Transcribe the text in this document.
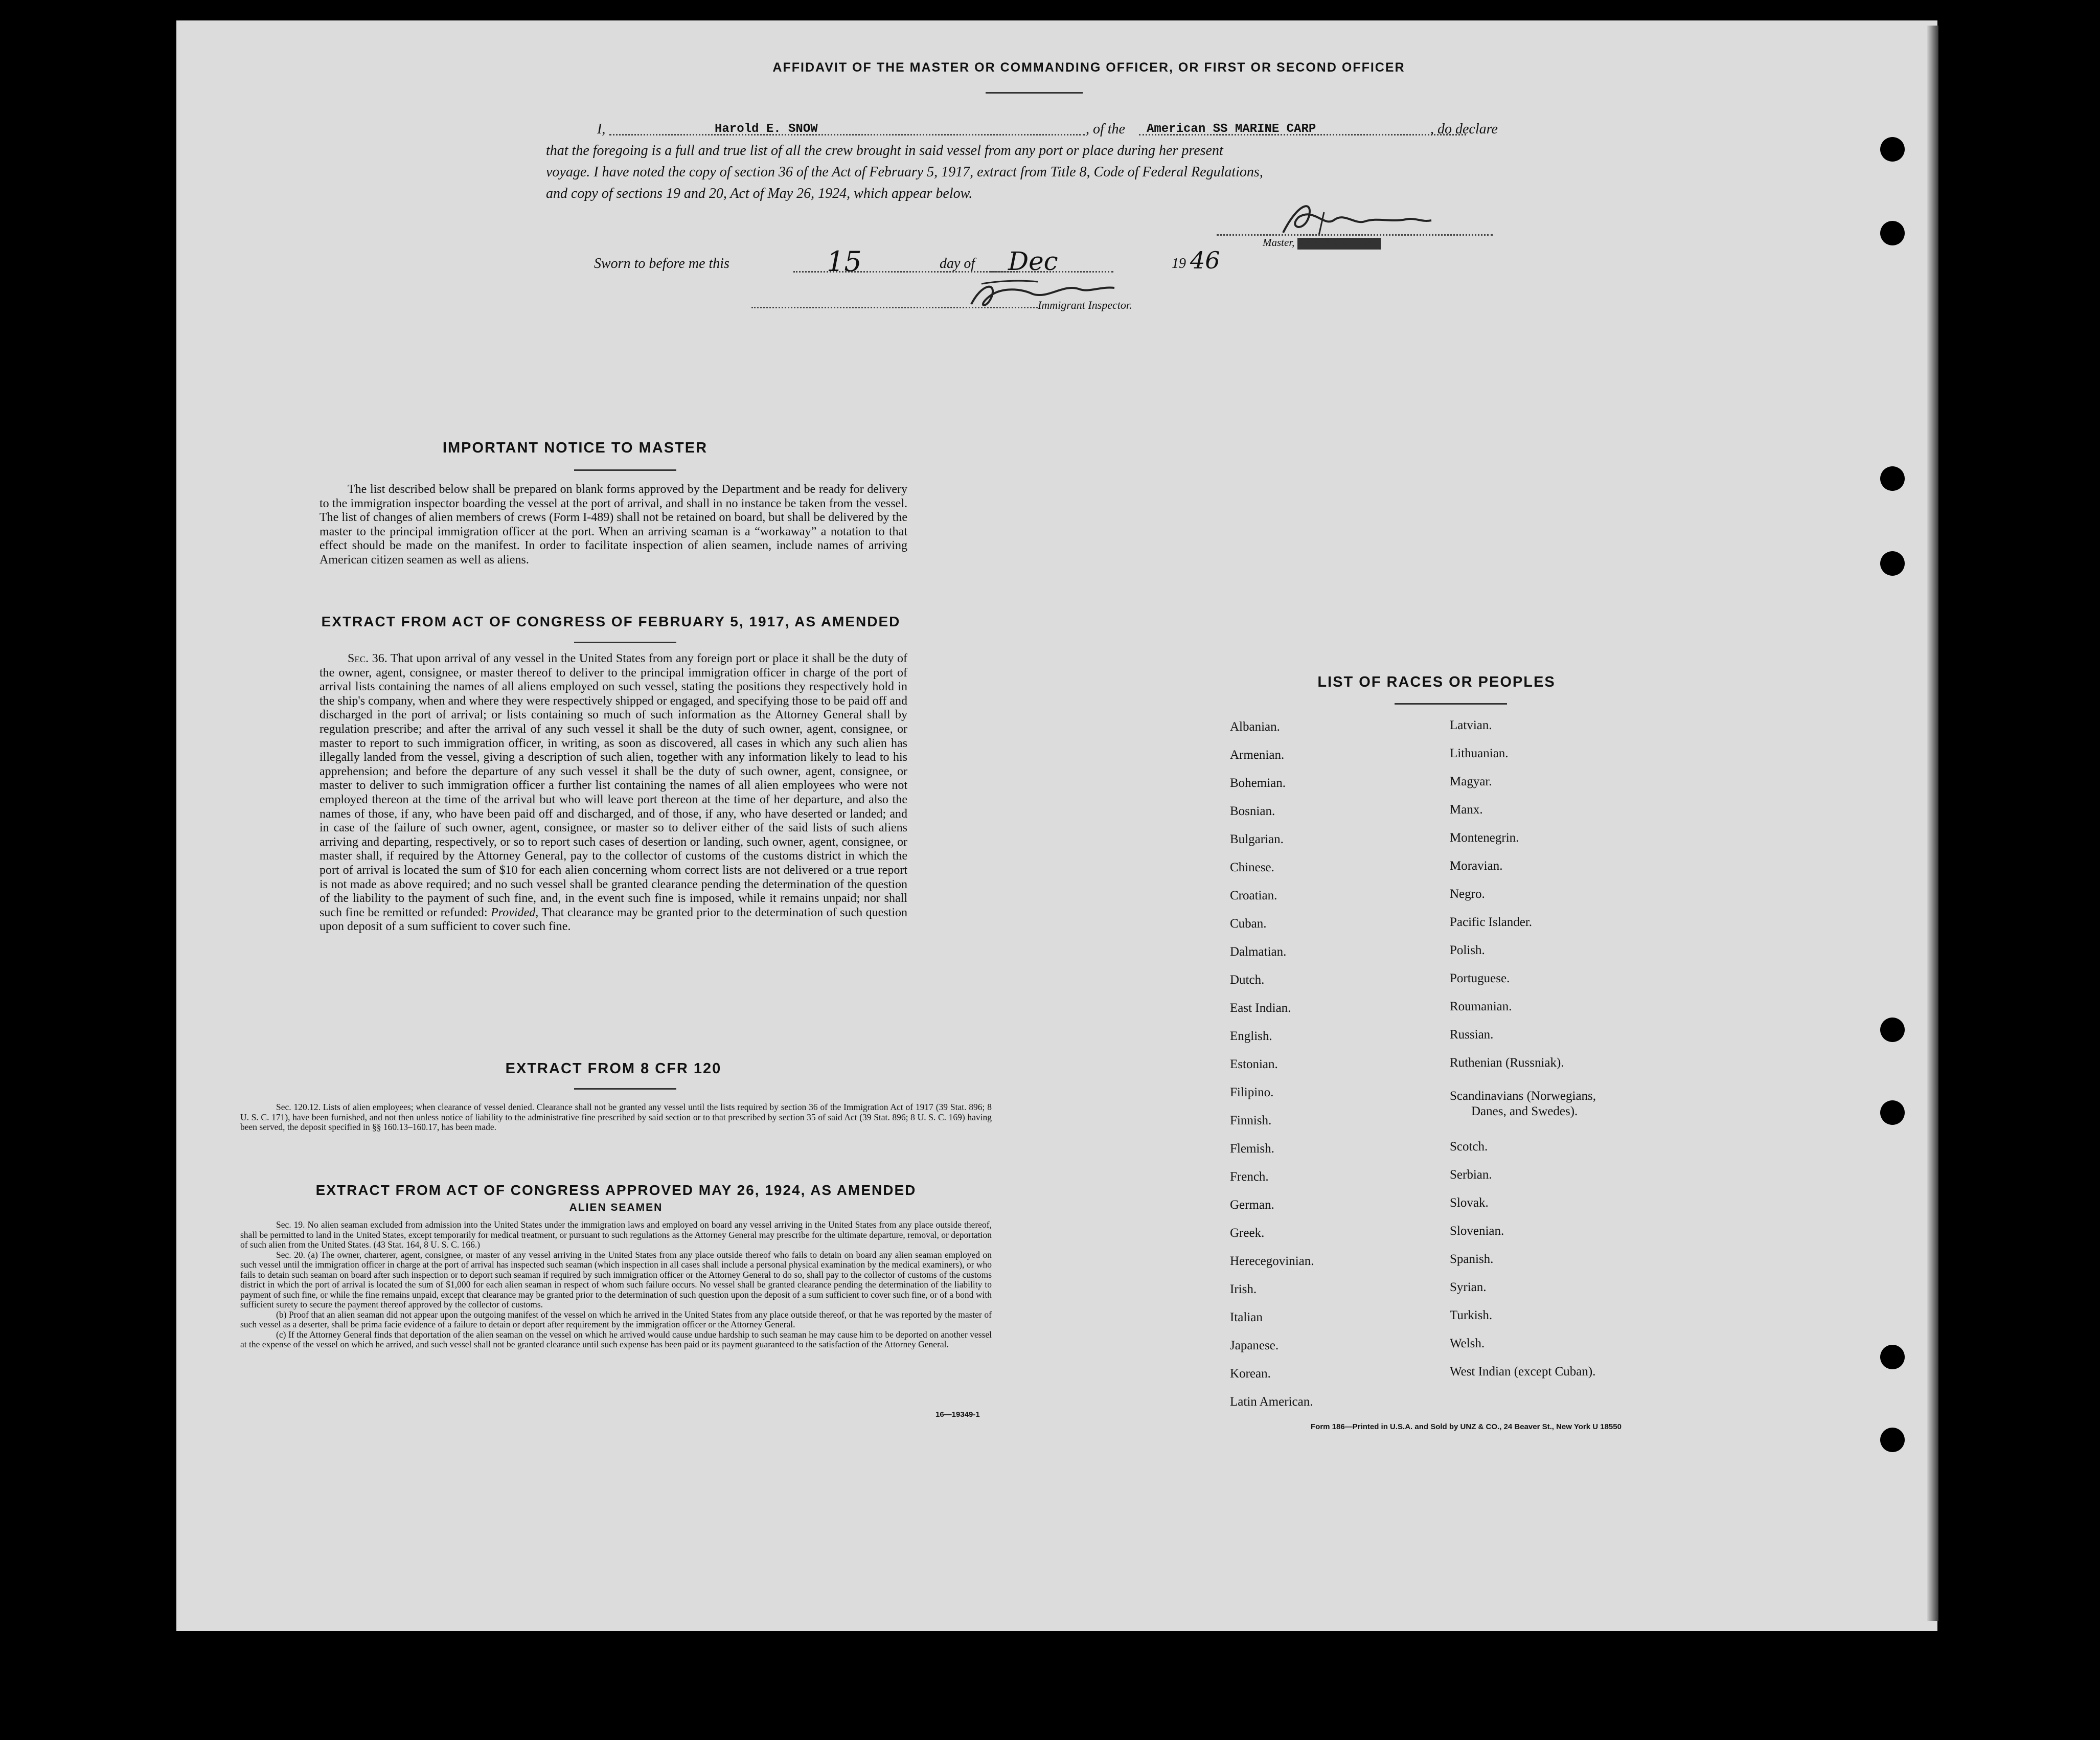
AFFIDAVIT OF THE MASTER OR COMMANDING OFFICER, OR FIRST OR SECOND OFFICER
I,	Harold E. SNOW	, of the American SS MARINE CARP	, do declare
that the foregoing is a full and true list of all the crew brought in said vessel from any port or place during her present
voyage. I have noted the copy of section 36 of the Act of February 5, 1917, extract from Title 8, Code of Federal Regulations,
and copy of sections 19 and 20, Act of May 26, 1924, which appear below.
Master, XXXXXXXXXXXX
Sworn to before me this	15	day of Dec	19 46
Immigrant Inspector.
IMPORTANT NOTICE TO MASTER
The list described below shall be prepared on blank forms approved by the Department and be ready for delivery to the immigration inspector boarding the vessel at the port of arrival, and shall in no instance be taken from the vessel. The list of changes of alien members of crews (Form I-489) shall not be retained on board, but shall be delivered by the master to the principal immigration officer at the port. When an arriving seaman is a “workaway” a notation to that effect should be made on the manifest. In order to facilitate inspection of alien seamen, include names of arriving American citizen seamen as well as aliens.
EXTRACT FROM ACT OF CONGRESS OF FEBRUARY 5, 1917, AS AMENDED
Sec. 36. That upon arrival of any vessel in the United States from any foreign port or place it shall be the duty of the owner, agent, consignee, or master thereof to deliver to the principal immigration officer in charge of the port of arrival lists containing the names of all aliens employed on such vessel, stating the positions they respectively hold in the ship's company, when and where they were respectively shipped or engaged, and specifying those to be paid off and discharged in the port of arrival; or lists containing so much of such information as the Attorney General shall by regulation prescribe; and after the arrival of any such vessel it shall be the duty of such owner, agent, consignee, or master to report to such immigration officer, in writing, as soon as discovered, all cases in which any such alien has illegally landed from the vessel, giving a description of such alien, together with any information likely to lead to his apprehension; and before the departure of any such vessel it shall be the duty of such owner, agent, consignee, or master to deliver to such immigration officer a further list containing the names of all alien employees who were not employed thereon at the time of the arrival but who will leave port thereon at the time of her departure, and also the names of those, if any, who have been paid off and discharged, and of those, if any, who have deserted or landed; and in case of the failure of such owner, agent, consignee, or master so to deliver either of the said lists of such aliens arriving and departing, respectively, or so to report such cases of desertion or landing, such owner, agent, consignee, or master shall, if required by the Attorney General, pay to the collector of customs of the customs district in which the port of arrival is located the sum of $10 for each alien concerning whom correct lists are not delivered or a true report is not made as above required; and no such vessel shall be granted clearance pending the determination of the question of the liability to the payment of such fine, and, in the event such fine is imposed, while it remains unpaid; nor shall such fine be remitted or refunded: Provided, That clearance may be granted prior to the determination of such question upon deposit of a sum sufficient to cover such fine.
EXTRACT FROM 8 CFR 120
Sec. 120.12. Lists of alien employees; when clearance of vessel denied. Clearance shall not be granted any vessel until the lists required by section 36 of the Immigration Act of 1917 (39 Stat. 896; 8 U. S. C. 171), have been furnished, and not then unless notice of liability to the administrative fine prescribed by said section or to that prescribed by section 35 of said Act (39 Stat. 896; 8 U. S. C. 169) having been served, the deposit specified in §§ 160.13–160.17, has been made.
EXTRACT FROM ACT OF CONGRESS APPROVED MAY 26, 1924, AS AMENDED
ALIEN SEAMEN
Sec. 19. No alien seaman excluded from admission into the United States under the immigration laws and employed on board any vessel arriving in the United States from any place outside thereof, shall be permitted to land in the United States, except temporarily for medical treatment, or pursuant to such regulations as the Attorney General may prescribe for the ultimate departure, removal, or deportation of such alien from the United States. (43 Stat. 164, 8 U. S. C. 166.)
Sec. 20. (a) The owner, charterer, agent, consignee, or master of any vessel arriving in the United States from any place outside thereof who fails to detain on board any alien seaman employed on such vessel until the immigration officer in charge at the port of arrival has inspected such seaman (which inspection in all cases shall include a personal physical examination by the medical examiners), or who fails to detain such seaman on board after such inspection or to deport such seaman if required by such immigration officer or the Attorney General to do so, shall pay to the collector of customs of the customs district in which the port of arrival is located the sum of $1,000 for each alien seaman in respect of whom such failure occurs. No vessel shall be granted clearance pending the determination of the liability to payment of such fine, or while the fine remains unpaid, except that clearance may be granted prior to the determination of such question upon the deposit of a sum sufficient to cover such fine, or of a bond with sufficient surety to secure the payment thereof approved by the collector of customs.
(b) Proof that an alien seaman did not appear upon the outgoing manifest of the vessel on which he arrived in the United States from any place outside thereof, or that he was reported by the master of such vessel as a deserter, shall be prima facie evidence of a failure to detain or deport after requirement by the immigration officer or the Attorney General.
(c) If the Attorney General finds that deportation of the alien seaman on the vessel on which he arrived would cause undue hardship to such seaman he may cause him to be deported on another vessel at the expense of the vessel on which he arrived, and such vessel shall not be granted clearance until such expense has been paid or its payment guaranteed to the satisfaction of the Attorney General.
16—19349-1
LIST OF RACES OR PEOPLES
Albanian.
Armenian.
Bohemian.
Bosnian.
Bulgarian.
Chinese.
Croatian.
Cuban.
Dalmatian.
Dutch.
East Indian.
English.
Estonian.
Filipino.
Finnish.
Flemish.
French.
German.
Greek.
Herecegovinian.
Irish.
Italian
Japanese.
Korean.
Latin American.
Latvian.
Lithuanian.
Magyar.
Manx.
Montenegrin.
Moravian.
Negro.
Pacific Islander.
Polish.
Portuguese.
Roumanian.
Russian.
Ruthenian (Russniak).
Scandinavians (Norwegians,
Danes, and Swedes).
Scotch.
Serbian.
Slovak.
Slovenian.
Spanish.
Syrian.
Turkish.
Welsh.
West Indian (except Cuban).
Form 186—Printed in U.S.A. and Sold by UNZ & CO., 24 Beaver St., New York U 18550
